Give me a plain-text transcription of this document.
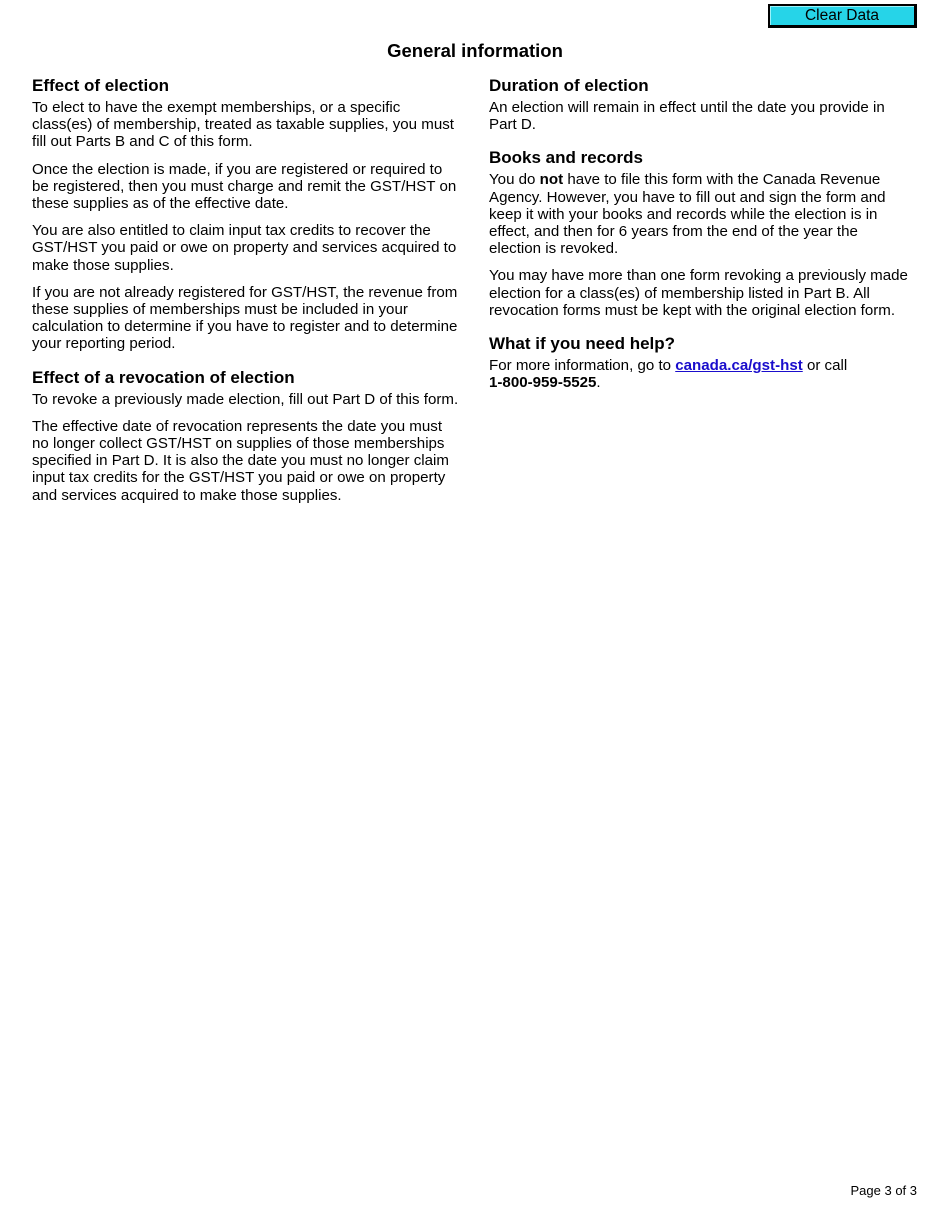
Clear Data
General information
Effect of election

To elect to have the exempt memberships, or a specific class(es) of membership, treated as taxable supplies, you must fill out Parts B and C of this form.

Once the election is made, if you are registered or required to be registered, then you must charge and remit the GST/HST on these supplies as of the effective date.

You are also entitled to claim input tax credits to recover the GST/HST you paid or owe on property and services acquired to make those supplies.

If you are not already registered for GST/HST, the revenue from these supplies of memberships must be included in your calculation to determine if you have to register and to determine your reporting period.

Effect of a revocation of election

To revoke a previously made election, fill out Part D of this form.

The effective date of revocation represents the date you must no longer collect GST/HST on supplies of those memberships specified in Part D. It is also the date you must no longer claim input tax credits for the GST/HST you paid or owe on property and services acquired to make those supplies.

Duration of election

An election will remain in effect until the date you provide in Part D.

Books and records

You do not have to file this form with the Canada Revenue Agency. However, you have to fill out and sign the form and keep it with your books and records while the election is in effect, and then for 6 years from the end of the year the election is revoked.

You may have more than one form revoking a previously made election for a class(es) of membership listed in Part B. All revocation forms must be kept with the original election form.

What if you need help?

For more information, go to canada.ca/gst-hst or call
1-800-959-5525.

Page 3 of 3
